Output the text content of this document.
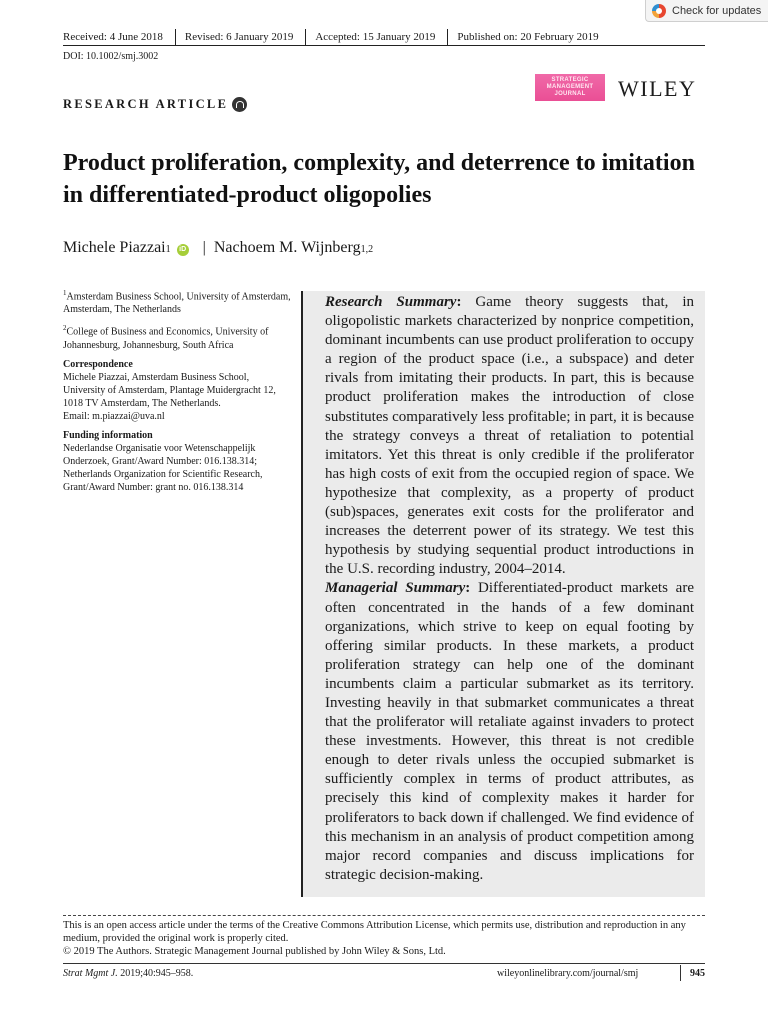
Check for updates
Received: 4 June 2018	Revised: 6 January 2019	Accepted: 15 January 2019	Published on: 20 February 2019
DOI: 10.1002/smj.3002
STRATEGIC
MANAGEMENT
JOURNAL WILEY
RESEARCH ARTICLE
Product proliferation, complexity, and deterrence to imitation in differentiated-product oligopolies
Michele Piazzai 1	iD | Nachoem M. Wijnberg 1,2

$^1$Amsterdam Business School, University of Amsterdam, Amsterdam, The Netherlands

$^2$College of Business and Economics, University of Johannesburg, Johannesburg, South Africa

Correspondence
Michele Piazzai, Amsterdam Business School, University of Amsterdam, Plantage Muidergracht 12, 1018 TV Amsterdam, The Netherlands.
Email: m.piazzai@uva.nl
Funding information
Nederlandse Organisatie voor Wetenschappelijk Onderzoek, Grant/Award Number: 016.138.314; Netherlands Organization for Scientific Research, Grant/Award Number: grant no. 016.138.314

Research Summary: Game theory suggests that, in oligopolistic markets characterized by nonprice competition, dominant incumbents can use product proliferation to occupy a region of the product space (i.e., a subspace) and deter rivals from imitating their products. In part, this is because product proliferation makes the introduction of close substitutes comparatively less profitable; in part, it is because the strategy conveys a threat of retaliation to potential imitators. Yet this threat is only credible if the proliferator has high costs of exit from the occupied region of space. We hypothesize that complexity, as a property of product (sub)spaces, generates exit costs for the proliferator and increases the deterrent power of its strategy. We test this hypothesis by studying sequential product introductions in the U.S. recording industry, 2004–2014.

Managerial Summary: Differentiated-product markets are often concentrated in the hands of a few dominant organizations, which strive to keep on equal footing by offering similar products. In these markets, a product proliferation strategy can help one of the dominant incumbents claim a particular submarket as its territory. Investing heavily in that submarket communicates a threat that the proliferator will retaliate against invaders to protect these investments. However, this threat is not credible enough to deter rivals unless the occupied submarket is sufficiently complex in terms of product attributes, as precisely this kind of complexity makes it harder for proliferators to back down if challenged. We find evidence of this mechanism in an analysis of product competition among major record companies and discuss implications for strategic decision-making.

This is an open access article under the terms of the Creative Commons Attribution License, which permits use, distribution and reproduction in any medium, provided the original work is properly cited.
© 2019 The Authors. Strategic Management Journal published by John Wiley & Sons, Ltd.
Strat Mgmt J. 2019;40:945–958.	wileyonlinelibrary.com/journal/smj	945
